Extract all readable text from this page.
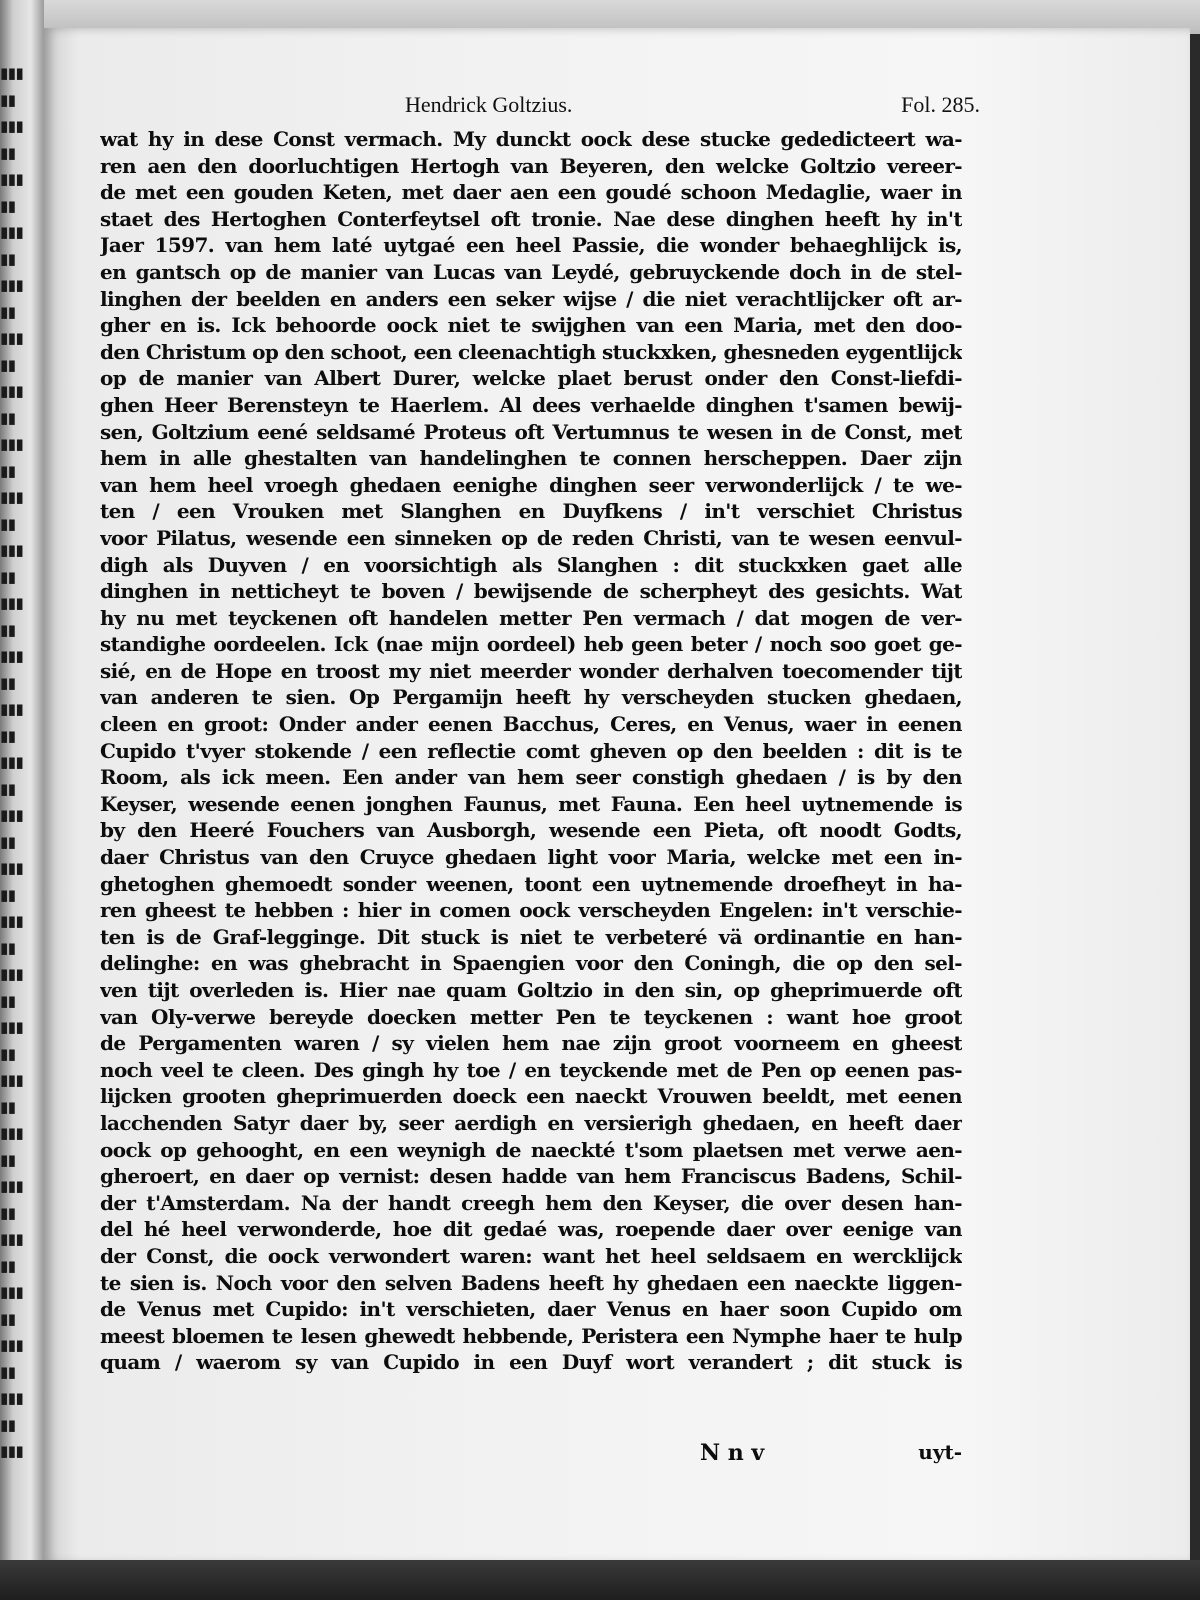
▮▮▮
▮▮
▮▮▮
▮▮
▮▮▮
▮▮
▮▮▮
▮▮
▮▮▮
▮▮
▮▮▮
▮▮
▮▮▮
▮▮
▮▮▮
▮▮
▮▮▮
▮▮
▮▮▮
▮▮
▮▮▮
▮▮
▮▮▮
▮▮
▮▮▮
▮▮
▮▮▮
▮▮
▮▮▮
▮▮
▮▮▮
▮▮
▮▮▮
▮▮
▮▮▮
▮▮
▮▮▮
▮▮
▮▮▮
▮▮
▮▮▮
▮▮
▮▮▮
▮▮
▮▮▮
▮▮
▮▮▮
▮▮
▮▮▮
▮▮
▮▮▮
▮▮
▮▮▮
Hendrick Goltzius.	Fol. 285.
wat hy in dese Const vermach. My dunckt oock dese stucke gededicteert wa-
ren aen den doorluchtigen Hertogh van Beyeren, den welcke Goltzio vereer-
de met een gouden Keten, met daer aen een goudé schoon Medaglie, waer in
staet des Hertoghen Conterfeytsel oft tronie. Nae dese dinghen heeft hy in't
Jaer 1597. van hem laté uytgaé een heel Passie, die wonder behaeghlijck is,
en gantsch op de manier van Lucas van Leydé, gebruyckende doch in de stel-
linghen der beelden en anders een seker wijse / die niet verachtlijcker oft ar-
gher en is. Ick behoorde oock niet te swijghen van een Maria, met den doo-
den Christum op den schoot, een cleenachtigh stuckxken, ghesneden eygentlijck
op de manier van Albert Durer, welcke plaet berust onder den Const-liefdi-
ghen Heer Berensteyn te Haerlem. Al dees verhaelde dinghen t'samen bewij-
sen, Goltzium eené seldsamé Proteus oft Vertumnus te wesen in de Const, met
hem in alle ghestalten van handelinghen te connen herscheppen. Daer zijn
van hem heel vroegh ghedaen eenighe dinghen seer verwonderlijck / te we-
ten / een Vrouken met Slanghen en Duyfkens / in't verschiet Christus
voor Pilatus, wesende een sinneken op de reden Christi, van te wesen eenvul-
digh als Duyven / en voorsichtigh als Slanghen : dit stuckxken gaet alle
dinghen in netticheyt te boven / bewijsende de scherpheyt des gesichts. Wat
hy nu met teyckenen oft handelen metter Pen vermach / dat mogen de ver-
standighe oordeelen. Ick (nae mijn oordeel) heb geen beter / noch soo goet ge-
sié, en de Hope en troost my niet meerder wonder derhalven toecomender tijt
van anderen te sien. Op Pergamijn heeft hy verscheyden stucken ghedaen,
cleen en groot: Onder ander eenen Bacchus, Ceres, en Venus, waer in eenen
Cupido t'vyer stokende / een reflectie comt gheven op den beelden : dit is te
Room, als ick meen. Een ander van hem seer constigh ghedaen / is by den
Keyser, wesende eenen jonghen Faunus, met Fauna. Een heel uytnemende is
by den Heeré Fouchers van Ausborgh, wesende een Pieta, oft noodt Godts,
daer Christus van den Cruyce ghedaen light voor Maria, welcke met een in-
ghetoghen ghemoedt sonder weenen, toont een uytnemende droefheyt in ha-
ren gheest te hebben : hier in comen oock verscheyden Engelen: in't verschie-
ten is de Graf-legginge. Dit stuck is niet te verbeteré vä ordinantie en han-
delinghe: en was ghebracht in Spaengien voor den Coningh, die op den sel-
ven tijt overleden is. Hier nae quam Goltzio in den sin, op gheprimuerde oft
van Oly-verwe bereyde doecken metter Pen te teyckenen : want hoe groot
de Pergamenten waren / sy vielen hem nae zijn groot voorneem en gheest
noch veel te cleen. Des gingh hy toe / en teyckende met de Pen op eenen pas-
lijcken grooten gheprimuerden doeck een naeckt Vrouwen beeldt, met eenen
lacchenden Satyr daer by, seer aerdigh en versierigh ghedaen, en heeft daer
oock op gehooght, en een weynigh de naeckté t'som plaetsen met verwe aen-
gheroert, en daer op vernist: desen hadde van hem Franciscus Badens, Schil-
der t'Amsterdam. Na der handt creegh hem den Keyser, die over desen han-
del hé heel verwonderde, hoe dit gedaé was, roepende daer over eenige van
der Const, die oock verwondert waren: want het heel seldsaem en wercklijck
te sien is. Noch voor den selven Badens heeft hy ghedaen een naeckte liggen-
de Venus met Cupido: in't verschieten, daer Venus en haer soon Cupido om
meest bloemen te lesen ghewedt hebbende, Peristera een Nymphe haer te hulp
quam / waerom sy van Cupido in een Duyf wort verandert ; dit stuck is
N n v	uyt-
